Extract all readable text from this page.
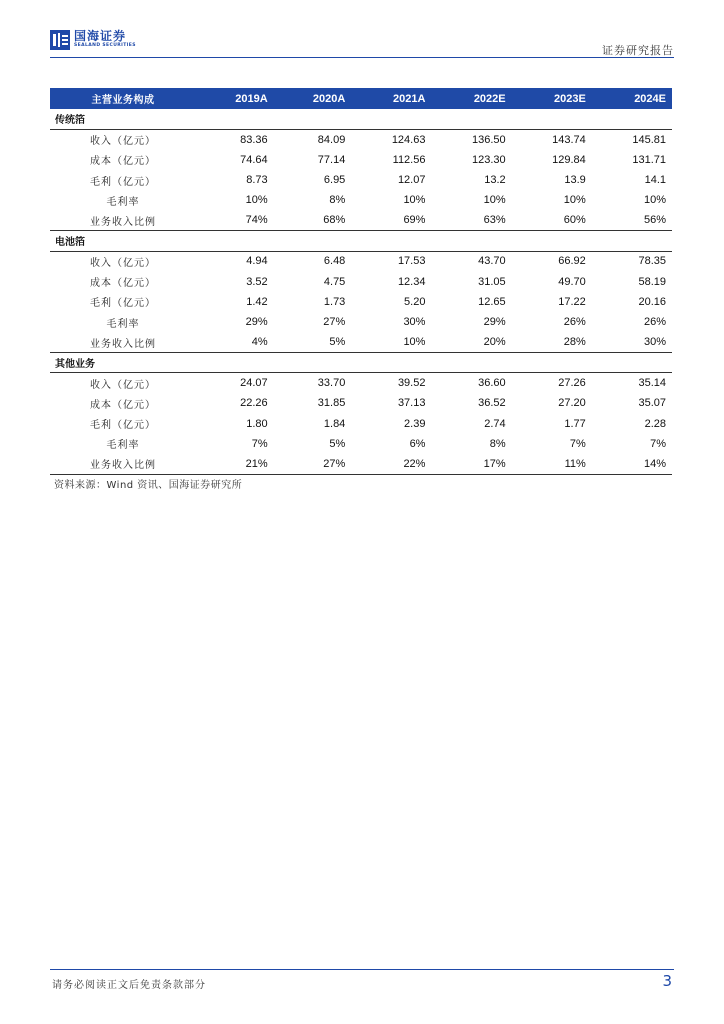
国海证券
SEALAND SECURITIES	证券研究报告
主营业务构成	2019A	2020A	2021A	2022E	2023E	2024E
传统箔						
收入（亿元）	83.36	84.09	124.63	136.50	143.74	145.81
成本（亿元）	74.64	77.14	112.56	123.30	129.84	131.71
毛利（亿元）	8.73	6.95	12.07	13.2	13.9	14.1
毛利率	10%	8%	10%	10%	10%	10%
业务收入比例	74%	68%	69%	63%	60%	56%
电池箔						
收入（亿元）	4.94	6.48	17.53	43.70	66.92	78.35
成本（亿元）	3.52	4.75	12.34	31.05	49.70	58.19
毛利（亿元）	1.42	1.73	5.20	12.65	17.22	20.16
毛利率	29%	27%	30%	29%	26%	26%
业务收入比例	4%	5%	10%	20%	28%	30%
其他业务						
收入（亿元）	24.07	33.70	39.52	36.60	27.26	35.14
成本（亿元）	22.26	31.85	37.13	36.52	27.20	35.07
毛利（亿元）	1.80	1.84	2.39	2.74	1.77	2.28
毛利率	7%	5%	6%	8%	7%	7%
业务收入比例	21%	27%	22%	17%	11%	14%
资料来源：Wind 资讯、国海证券研究所
请务必阅读正文后免责条款部分	3
